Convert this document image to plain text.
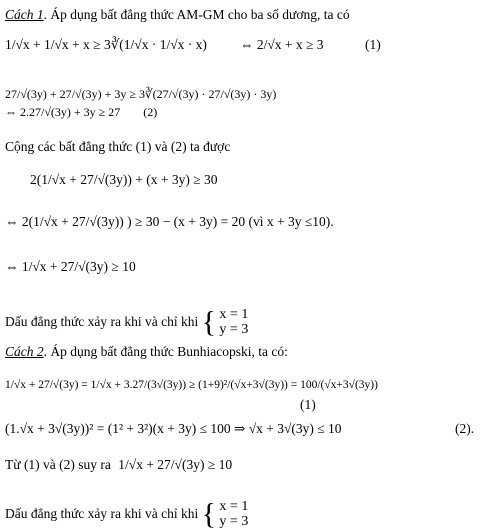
Cách 1. Áp dụng bất đẳng thức AM-GM cho ba số dương, ta có
1/√x + 1/√x + x ≥ 3∛(1/√x · 1/√x · x) ⇔ 2/√x + x ≥ 3	(1)
27/√(3y) + 27/√(3y) + 3y ≥ 3∛(27/√(3y) · 27/√(3y) · 3y)
⇔ 2.27/√(3y) + 3y ≥ 27 (2)
Cộng các bất đẳng thức (1) và (2) ta được
2(1/√x + 27/√(3y)) + (x + 3y) ≥ 30
⇔ 2(1/√x + 27/√(3y)) ) ≥ 30 − (x + 3y) = 20 (vì x + 3y ≤10).
⇔ 1/√x + 27/√(3y) ≥ 10
Dấu đẳng thức xảy ra khi và chỉ khi { x = 1
y = 3
Cách 2. Áp dụng bất đẳng thức Bunhiacopski, ta có:
1/√x + 27/√(3y) = 1/√x + 3.27/(3√(3y)) ≥ (1+9)²/(√x+3√(3y)) = 100/(√x+3√(3y))
(1)
(1.√x + 3√(3y))² = (1² + 3²)(x + 3y) ≤ 100 ⇒ √x + 3√(3y) ≤ 10	(2).
Từ (1) và (2) suy ra 1/√x + 27/√(3y) ≥ 10
Dấu đẳng thức xảy ra khi và chỉ khi { x = 1
y = 3
